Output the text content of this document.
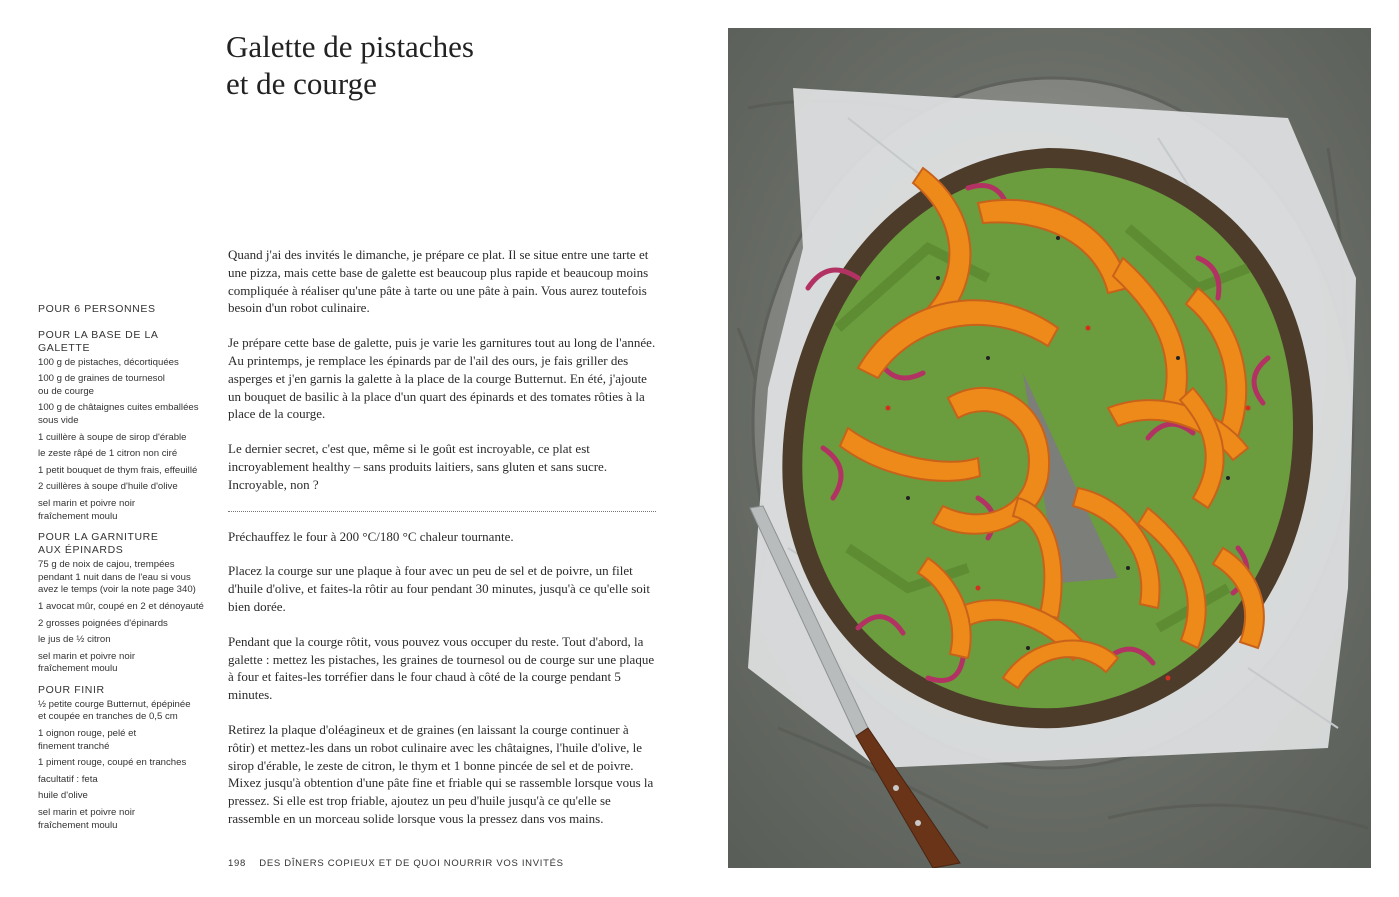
Galette de pistaches
et de courge
POUR 6 PERSONNES
POUR LA BASE DE LA GALETTE
100 g de pistaches, décortiquées
100 g de graines de tournesol
ou de courge
100 g de châtaignes cuites emballées
sous vide
1 cuillère à soupe de sirop d'érable
le zeste râpé de 1 citron non ciré
1 petit bouquet de thym frais, effeuillé
2 cuillères à soupe d'huile d'olive
sel marin et poivre noir
fraîchement moulu
POUR LA GARNITURE
AUX ÉPINARDS
75 g de noix de cajou, trempées
pendant 1 nuit dans de l'eau si vous
avez le temps (voir la note page 340)
1 avocat mûr, coupé en 2 et dénoyauté
2 grosses poignées d'épinards
le jus de ½ citron
sel marin et poivre noir
fraîchement moulu
POUR FINIR
½ petite courge Butternut, épépinée
et coupée en tranches de 0,5 cm
1 oignon rouge, pelé et
finement tranché
1 piment rouge, coupé en tranches
facultatif : feta
huile d'olive
sel marin et poivre noir
fraîchement moulu

Quand j'ai des invités le dimanche, je prépare ce plat. Il se situe entre une tarte et une pizza, mais cette base de galette est beaucoup plus rapide et beaucoup moins compliquée à réaliser qu'une pâte à tarte ou une pâte à pain. Vous aurez toutefois besoin d'un robot culinaire.

Je prépare cette base de galette, puis je varie les garnitures tout au long de l'année. Au printemps, je remplace les épinards par de l'ail des ours, je fais griller des asperges et j'en garnis la galette à la place de la courge Butternut. En été, j'ajoute un bouquet de basilic à la place d'un quart des épinards et des tomates rôties à la place de la courge.

Le dernier secret, c'est que, même si le goût est incroyable, ce plat est incroyablement healthy – sans produits laitiers, sans gluten et sans sucre. Incroyable, non ?

Préchauffez le four à 200 °C/180 °C chaleur tournante.

Placez la courge sur une plaque à four avec un peu de sel et de poivre, un filet d'huile d'olive, et faites-la rôtir au four pendant 30 minutes, jusqu'à ce qu'elle soit bien dorée.

Pendant que la courge rôtit, vous pouvez vous occuper du reste. Tout d'abord, la galette : mettez les pistaches, les graines de tournesol ou de courge sur une plaque à four et faites-les torréfier dans le four chaud à côté de la courge pendant 5 minutes.

Retirez la plaque d'oléagineux et de graines (en laissant la courge continuer à rôtir) et mettez-les dans un robot culinaire avec les châtaignes, l'huile d'olive, le sirop d'érable, le zeste de citron, le thym et 1 bonne pincée de sel et de poivre. Mixez jusqu'à obtention d'une pâte fine et friable qui se rassemble lorsque vous la pressez. Si elle est trop friable, ajoutez un peu d'huile jusqu'à ce qu'elle se rassemble en un morceau solide lorsque vous la pressez dans vos mains.

198 DES DÎNERS COPIEUX ET DE QUOI NOURRIR VOS INVITÉS
